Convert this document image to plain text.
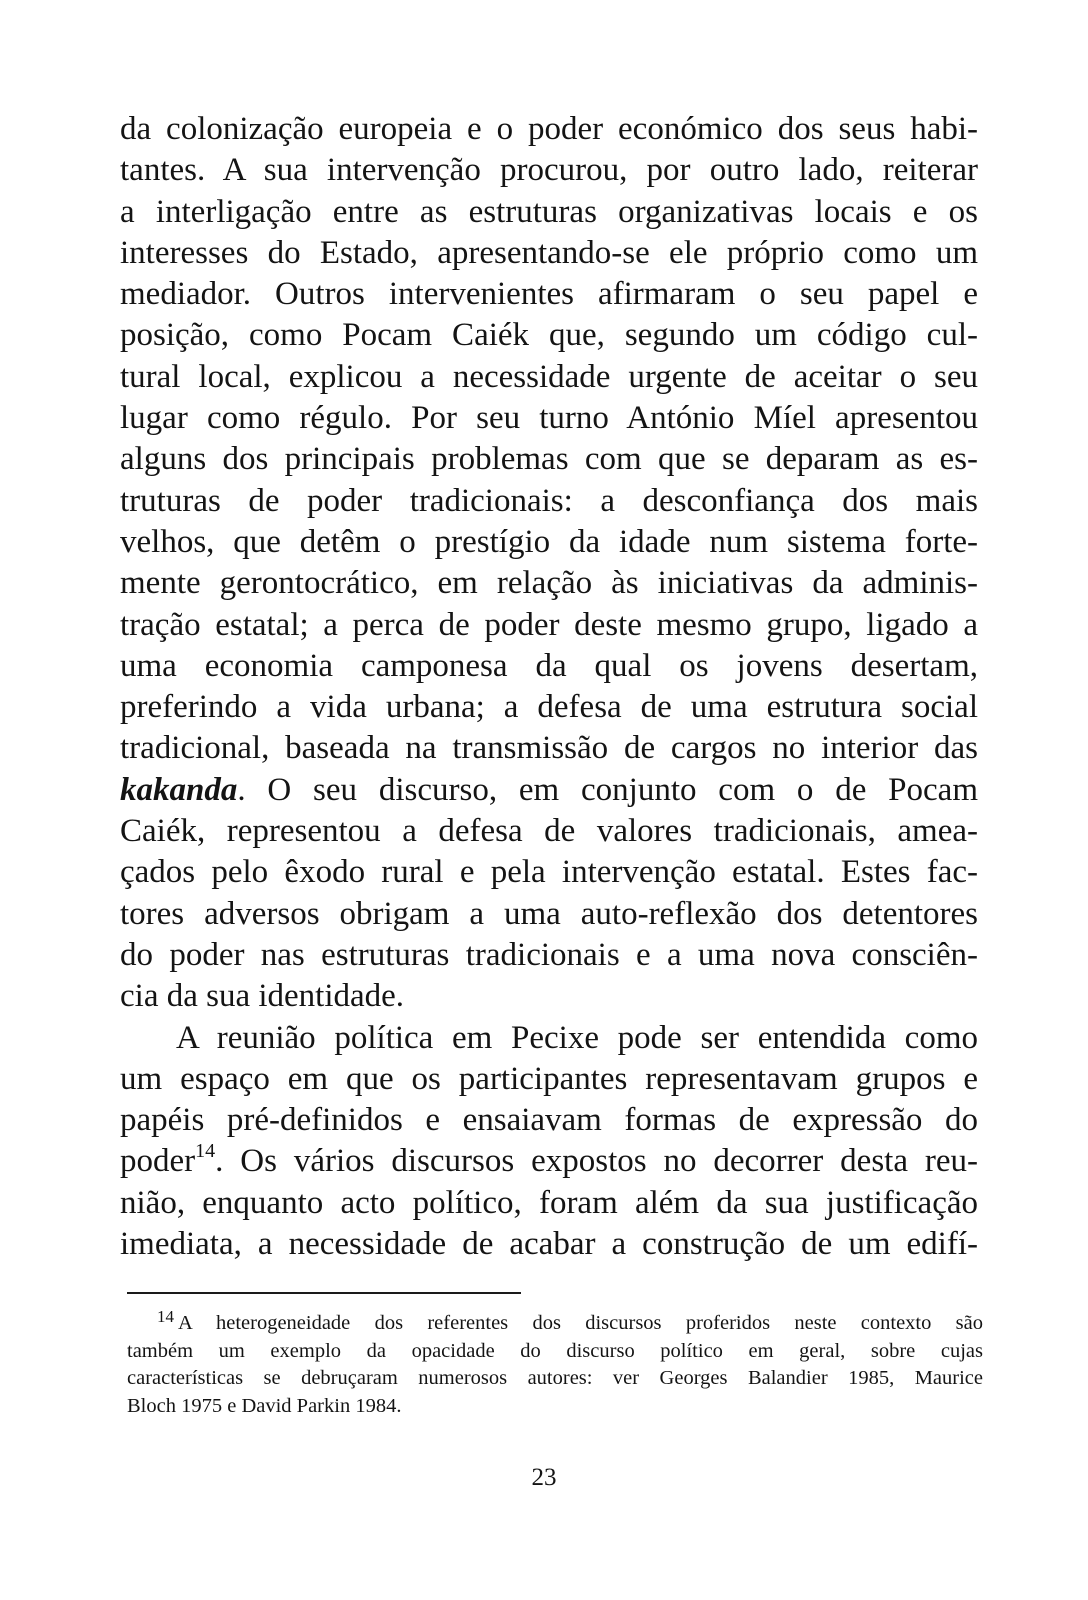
da colonização europeia e o poder económico dos seus habi-
tantes. A sua intervenção procurou, por outro lado, reiterar
a interligação entre as estruturas organizativas locais e os
interesses do Estado, apresentando-se ele próprio como um
mediador. Outros intervenientes afirmaram o seu papel e
posição, como Pocam Caiék que, segundo um código cul-
tural local, explicou a necessidade urgente de aceitar o seu
lugar como régulo. Por seu turno António Míel apresentou
alguns dos principais problemas com que se deparam as es-
truturas de poder tradicionais: a desconfiança dos mais
velhos, que detêm o prestígio da idade num sistema forte-
mente gerontocrático, em relação às iniciativas da adminis-
tração estatal; a perca de poder deste mesmo grupo, ligado a
uma economia camponesa da qual os jovens desertam,
preferindo a vida urbana; a defesa de uma estrutura social
tradicional, baseada na transmissão de cargos no interior das
kakanda. O seu discurso, em conjunto com o de Pocam
Caiék, representou a defesa de valores tradicionais, amea-
çados pelo êxodo rural e pela intervenção estatal. Estes fac-
tores adversos obrigam a uma auto-reflexão dos detentores
do poder nas estruturas tradicionais e a uma nova consciên-
cia da sua identidade.
A reunião política em Pecixe pode ser entendida como
um espaço em que os participantes representavam grupos e
papéis pré-definidos e ensaiavam formas de expressão do
poder$^{14}$. Os vários discursos expostos no decorrer desta reu-
nião, enquanto acto político, foram além da sua justificação
imediata, a necessidade de acabar a construção de um edifí-
$^{14}$ A heterogeneidade dos referentes dos discursos proferidos neste contexto são
também um exemplo da opacidade do discurso político em geral, sobre cujas
características se debruçaram numerosos autores: ver Georges Balandier 1985, Maurice
Bloch 1975 e David Parkin 1984.
23
